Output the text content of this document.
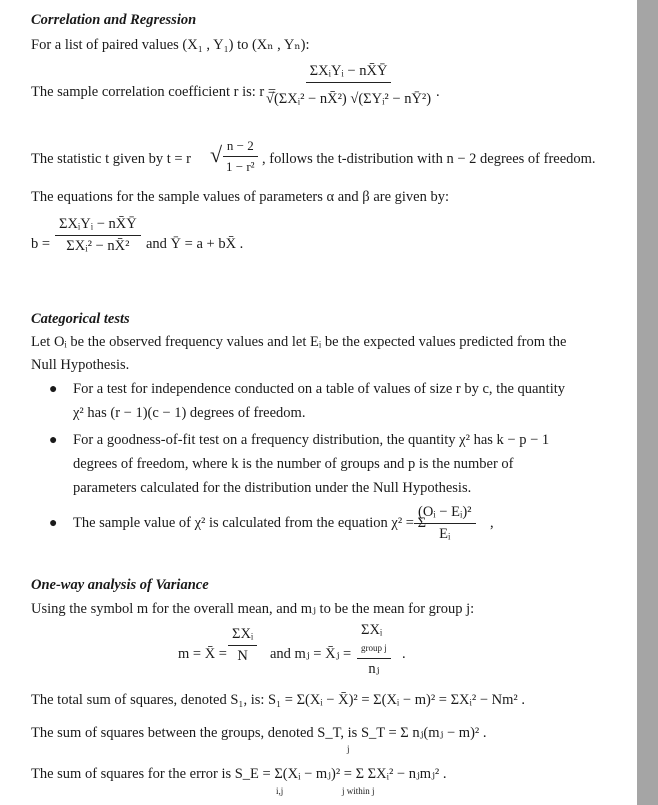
Correlation and Regression
For a list of paired values (X₁ , Y₁) to (Xₙ , Yₙ):
The sample correlation coefficient r is: r =
ΣXᵢYᵢ − nX̄Ȳ
√(ΣXᵢ² − nX̄²) √(ΣYᵢ² − nȲ²) .
The statistic t given by t = r √ $\frac{n - 2}{\text{1 − r²}}$ , follows the t-distribution with n − 2 degrees of freedom.
The equations for the sample values of parameters α and β are given by:
b =
ΣXᵢYᵢ − nX̄Ȳ
ΣXᵢ² − nX̄² and Ȳ = a + bX̄ .
Categorical tests
Let Oᵢ be the observed frequency values and let Eᵢ be the expected values predicted from the
Null Hypothesis.
● For a test for independence conducted on a table of values of size r by c, the quantity
χ² has (r − 1)(c − 1) degrees of freedom.
● For a goodness-of-fit test on a frequency distribution, the quantity χ² has k − p − 1
degrees of freedom, where k is the number of groups and p is the number of
parameters calculated for the distribution under the Null Hypothesis.
● The sample value of χ² is calculated from the equation χ² = Σ
$\frac{\text{(Oᵢ − Eᵢ)²}}{\text{Eᵢ}}$ ,
One-way analysis of Variance
Using the symbol m for the overall mean, and mⱼ to be the mean for group j:
m = X̄ =
ΣXᵢ
N and mⱼ = X̄ⱼ =
ΣXᵢ
group j
nⱼ
.
The total sum of squares, denoted S₁, is: S₁ = Σ(Xᵢ − X̄)² = Σ(Xᵢ − m)² = ΣXᵢ² − Nm² .
The sum of squares between the groups, denoted S_T, is S_T = Σ nⱼ(mⱼ − m)² .
j
The sum of squares for the error is S_E = Σ(Xᵢ − mⱼ)² = Σ ΣXᵢ² − nⱼmⱼ² .
i,j	j within j
